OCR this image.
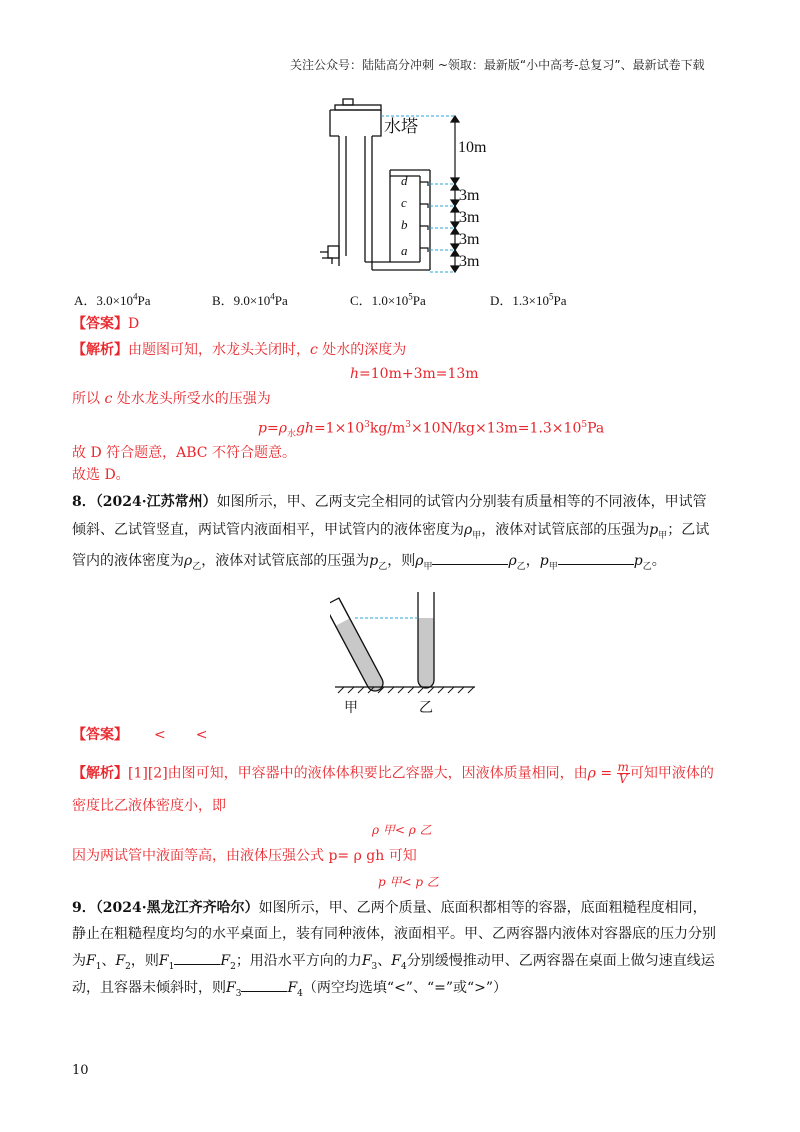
关注公众号：陆陆高分冲刺 ~领取：最新版“小中高考-总复习”、最新试卷下载
水塔
10m
3m
3m
3m
3m
d
c
b
a
A．$3.0\times 10^4Pa$	B．$9.0\times 10^4Pa$	C．$1.0\times 10^5Pa$	D．$1.3\times 10^5Pa$
【答案】D
【解析】由题图可知，水龙头关闭时，c 处水的深度为
h=10m+3m=13m
所以 c 处水龙头所受水的压强为
$p=\rho_水gh=1\times 10^3kg/m^3\times 10N/kg\times 13m=1.3\times 10^5Pa$
故 D 符合题意，ABC 不符合题意。
故选 D。
8．（2024·江苏常州）如图所示，甲、乙两支完全相同的试管内分别装有质量相等的不同液体，甲试管
倾斜、乙试管竖直，两试管内液面相平，甲试管内的液体密度为$\rho_甲$，液体对试管底部的压强为$p_甲$；乙试
管内的液体密度为$\rho_乙$，液体对试管底部的压强为$p_乙$，则$\rho_甲$	$\rho_乙$，$p_甲$	$p_乙$。
甲	乙
【答案】 < <
【解析】[1][2]由图可知，甲容器中的液体体积要比乙容器大，因液体质量相同，由$\rho = \frac{m}{V}$ 可知甲液体的
密度比乙液体密度小，即
ρ 甲< ρ 乙
因为两试管中液面等高，由液体压强公式 p= ρ gh 可知
p 甲< p 乙
9．（2024·黑龙江齐齐哈尔）如图所示，甲、乙两个质量、底面积都相等的容器，底面粗糙程度相同，
静止在粗糙程度均匀的水平桌面上，装有同种液体，液面相平。甲、乙两容器内液体对容器底的压力分别
为$F_1$、$F_2$，则$F_1$	$F_2$；用沿水平方向的力$F_3$、$F_4$分别缓慢推动甲、乙两容器在桌面上做匀速直线运
动，且容器未倾斜时，则$F_3$	$F_4$（两空均选填“<”、“=”或“>”）
10
